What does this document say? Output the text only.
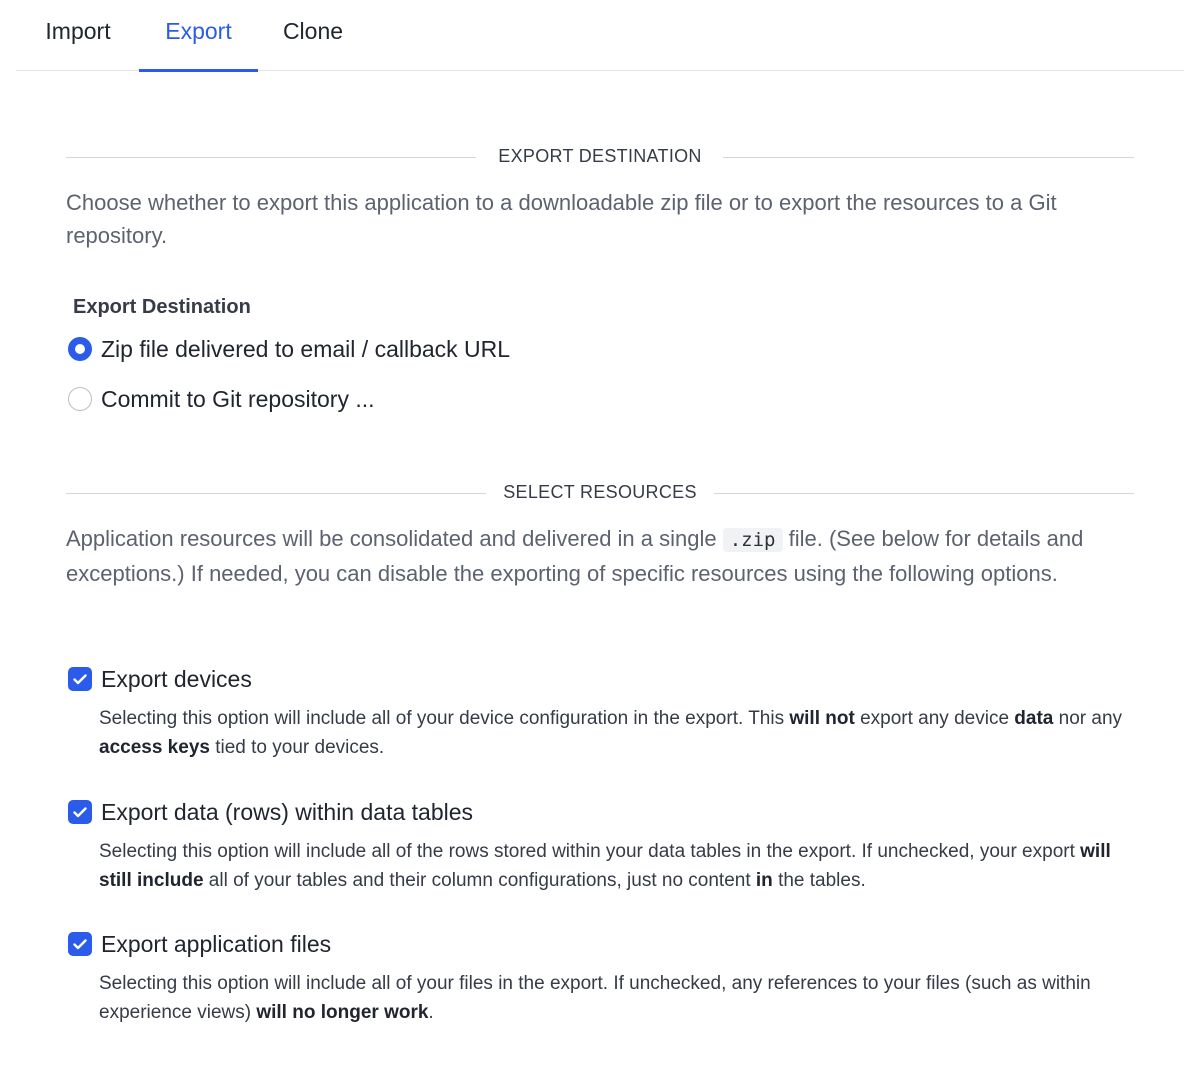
Import	Export	Clone
EXPORT DESTINATION
Choose whether to export this application to a downloadable zip file or to export the resources to a Git repository.
Export Destination
Zip file delivered to email / callback URL
Commit to Git repository ...
SELECT RESOURCES
Application resources will be consolidated and delivered in a single .zip file. (See below for details and exceptions.) If needed, you can disable the exporting of specific resources using the following options.
Export devices
Selecting this option will include all of your device configuration in the export. This will not export any device data nor any access keys tied to your devices.
Export data (rows) within data tables
Selecting this option will include all of the rows stored within your data tables in the export. If unchecked, your export will still include all of your tables and their column configurations, just no content in the tables.
Export application files
Selecting this option will include all of your files in the export. If unchecked, any references to your files (such as within experience views) will no longer work.
